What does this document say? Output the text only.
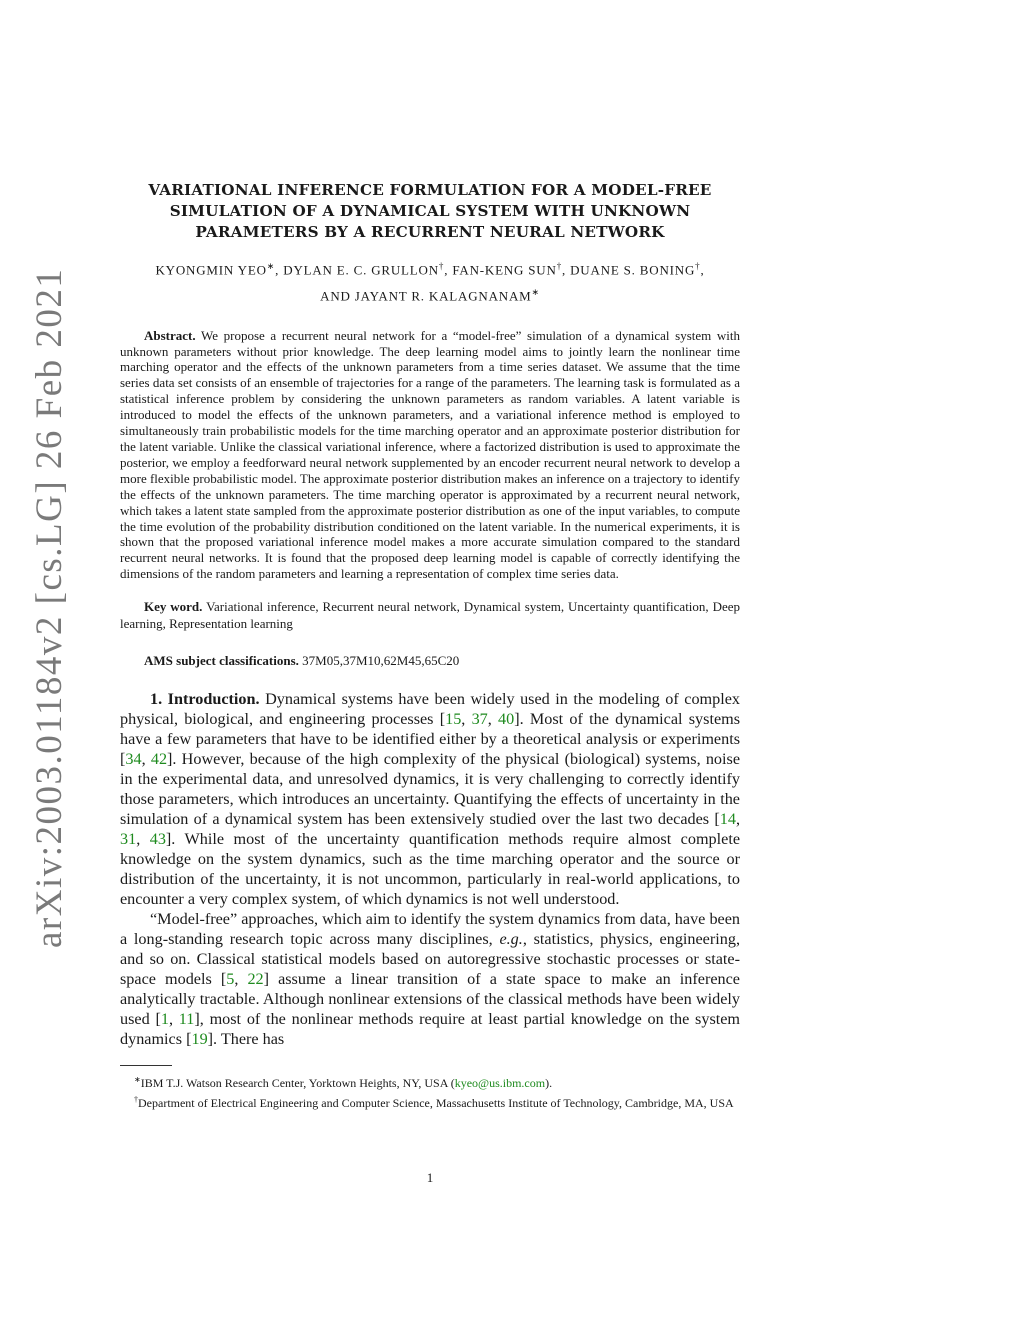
arXiv:2003.01184v2 [cs.LG] 26 Feb 2021
VARIATIONAL INFERENCE FORMULATION FOR A MODEL-FREE
SIMULATION OF A DYNAMICAL SYSTEM WITH UNKNOWN
PARAMETERS BY A RECURRENT NEURAL NETWORK
KYONGMIN YEO∗, DYLAN E. C. GRULLON†, FAN-KENG SUN†, DUANE S. BONING†,
AND JAYANT R. KALAGNANAM∗
Abstract. We propose a recurrent neural network for a “model-free” simulation of a dynamical system with unknown parameters without prior knowledge. The deep learning model aims to jointly learn the nonlinear time marching operator and the effects of the unknown parameters from a time series dataset. We assume that the time series data set consists of an ensemble of trajectories for a range of the parameters. The learning task is formulated as a statistical inference problem by considering the unknown parameters as random variables. A latent variable is introduced to model the effects of the unknown parameters, and a variational inference method is employed to simultaneously train probabilistic models for the time marching operator and an approximate posterior distribution for the latent variable. Unlike the classical variational inference, where a factorized distribution is used to approximate the posterior, we employ a feedforward neural network supplemented by an encoder recurrent neural network to develop a more flexible probabilistic model. The approximate posterior distribution makes an inference on a trajectory to identify the effects of the unknown parameters. The time marching operator is approximated by a recurrent neural network, which takes a latent state sampled from the approximate posterior distribution as one of the input variables, to compute the time evolution of the probability distribution conditioned on the latent variable. In the numerical experiments, it is shown that the proposed variational inference model makes a more accurate simulation compared to the standard recurrent neural networks. It is found that the proposed deep learning model is capable of correctly identifying the dimensions of the random parameters and learning a representation of complex time series data.
Key word. Variational inference, Recurrent neural network, Dynamical system, Uncertainty quantification, Deep learning, Representation learning
AMS subject classifications. 37M05,37M10,62M45,65C20

1. Introduction. Dynamical systems have been widely used in the modeling of complex physical, biological, and engineering processes [15, 37, 40]. Most of the dynamical systems have a few parameters that have to be identified either by a theoretical analysis or experiments [34, 42]. However, because of the high complexity of the physical (biological) systems, noise in the experimental data, and unresolved dynamics, it is very challenging to correctly identify those parameters, which introduces an uncertainty. Quantifying the effects of uncertainty in the simulation of a dynamical system has been extensively studied over the last two decades [14, 31, 43]. While most of the uncertainty quantification methods require almost complete knowledge on the system dynamics, such as the time marching operator and the source or distribution of the uncertainty, it is not uncommon, particularly in real-world applications, to encounter a very complex system, of which dynamics is not well understood.

“Model-free” approaches, which aim to identify the system dynamics from data, have been a long-standing research topic across many disciplines, e.g., statistics, physics, engineering, and so on. Classical statistical models based on autoregressive stochastic processes or state-space models [5, 22] assume a linear transition of a state space to make an inference analytically tractable. Although nonlinear extensions of the classical methods have been widely used [1, 11], most of the nonlinear methods require at least partial knowledge on the system dynamics [19]. There has

∗IBM T.J. Watson Research Center, Yorktown Heights, NY, USA (kyeo@us.ibm.com).
†Department of Electrical Engineering and Computer Science, Massachusetts Institute of Technology, Cambridge, MA, USA
1
